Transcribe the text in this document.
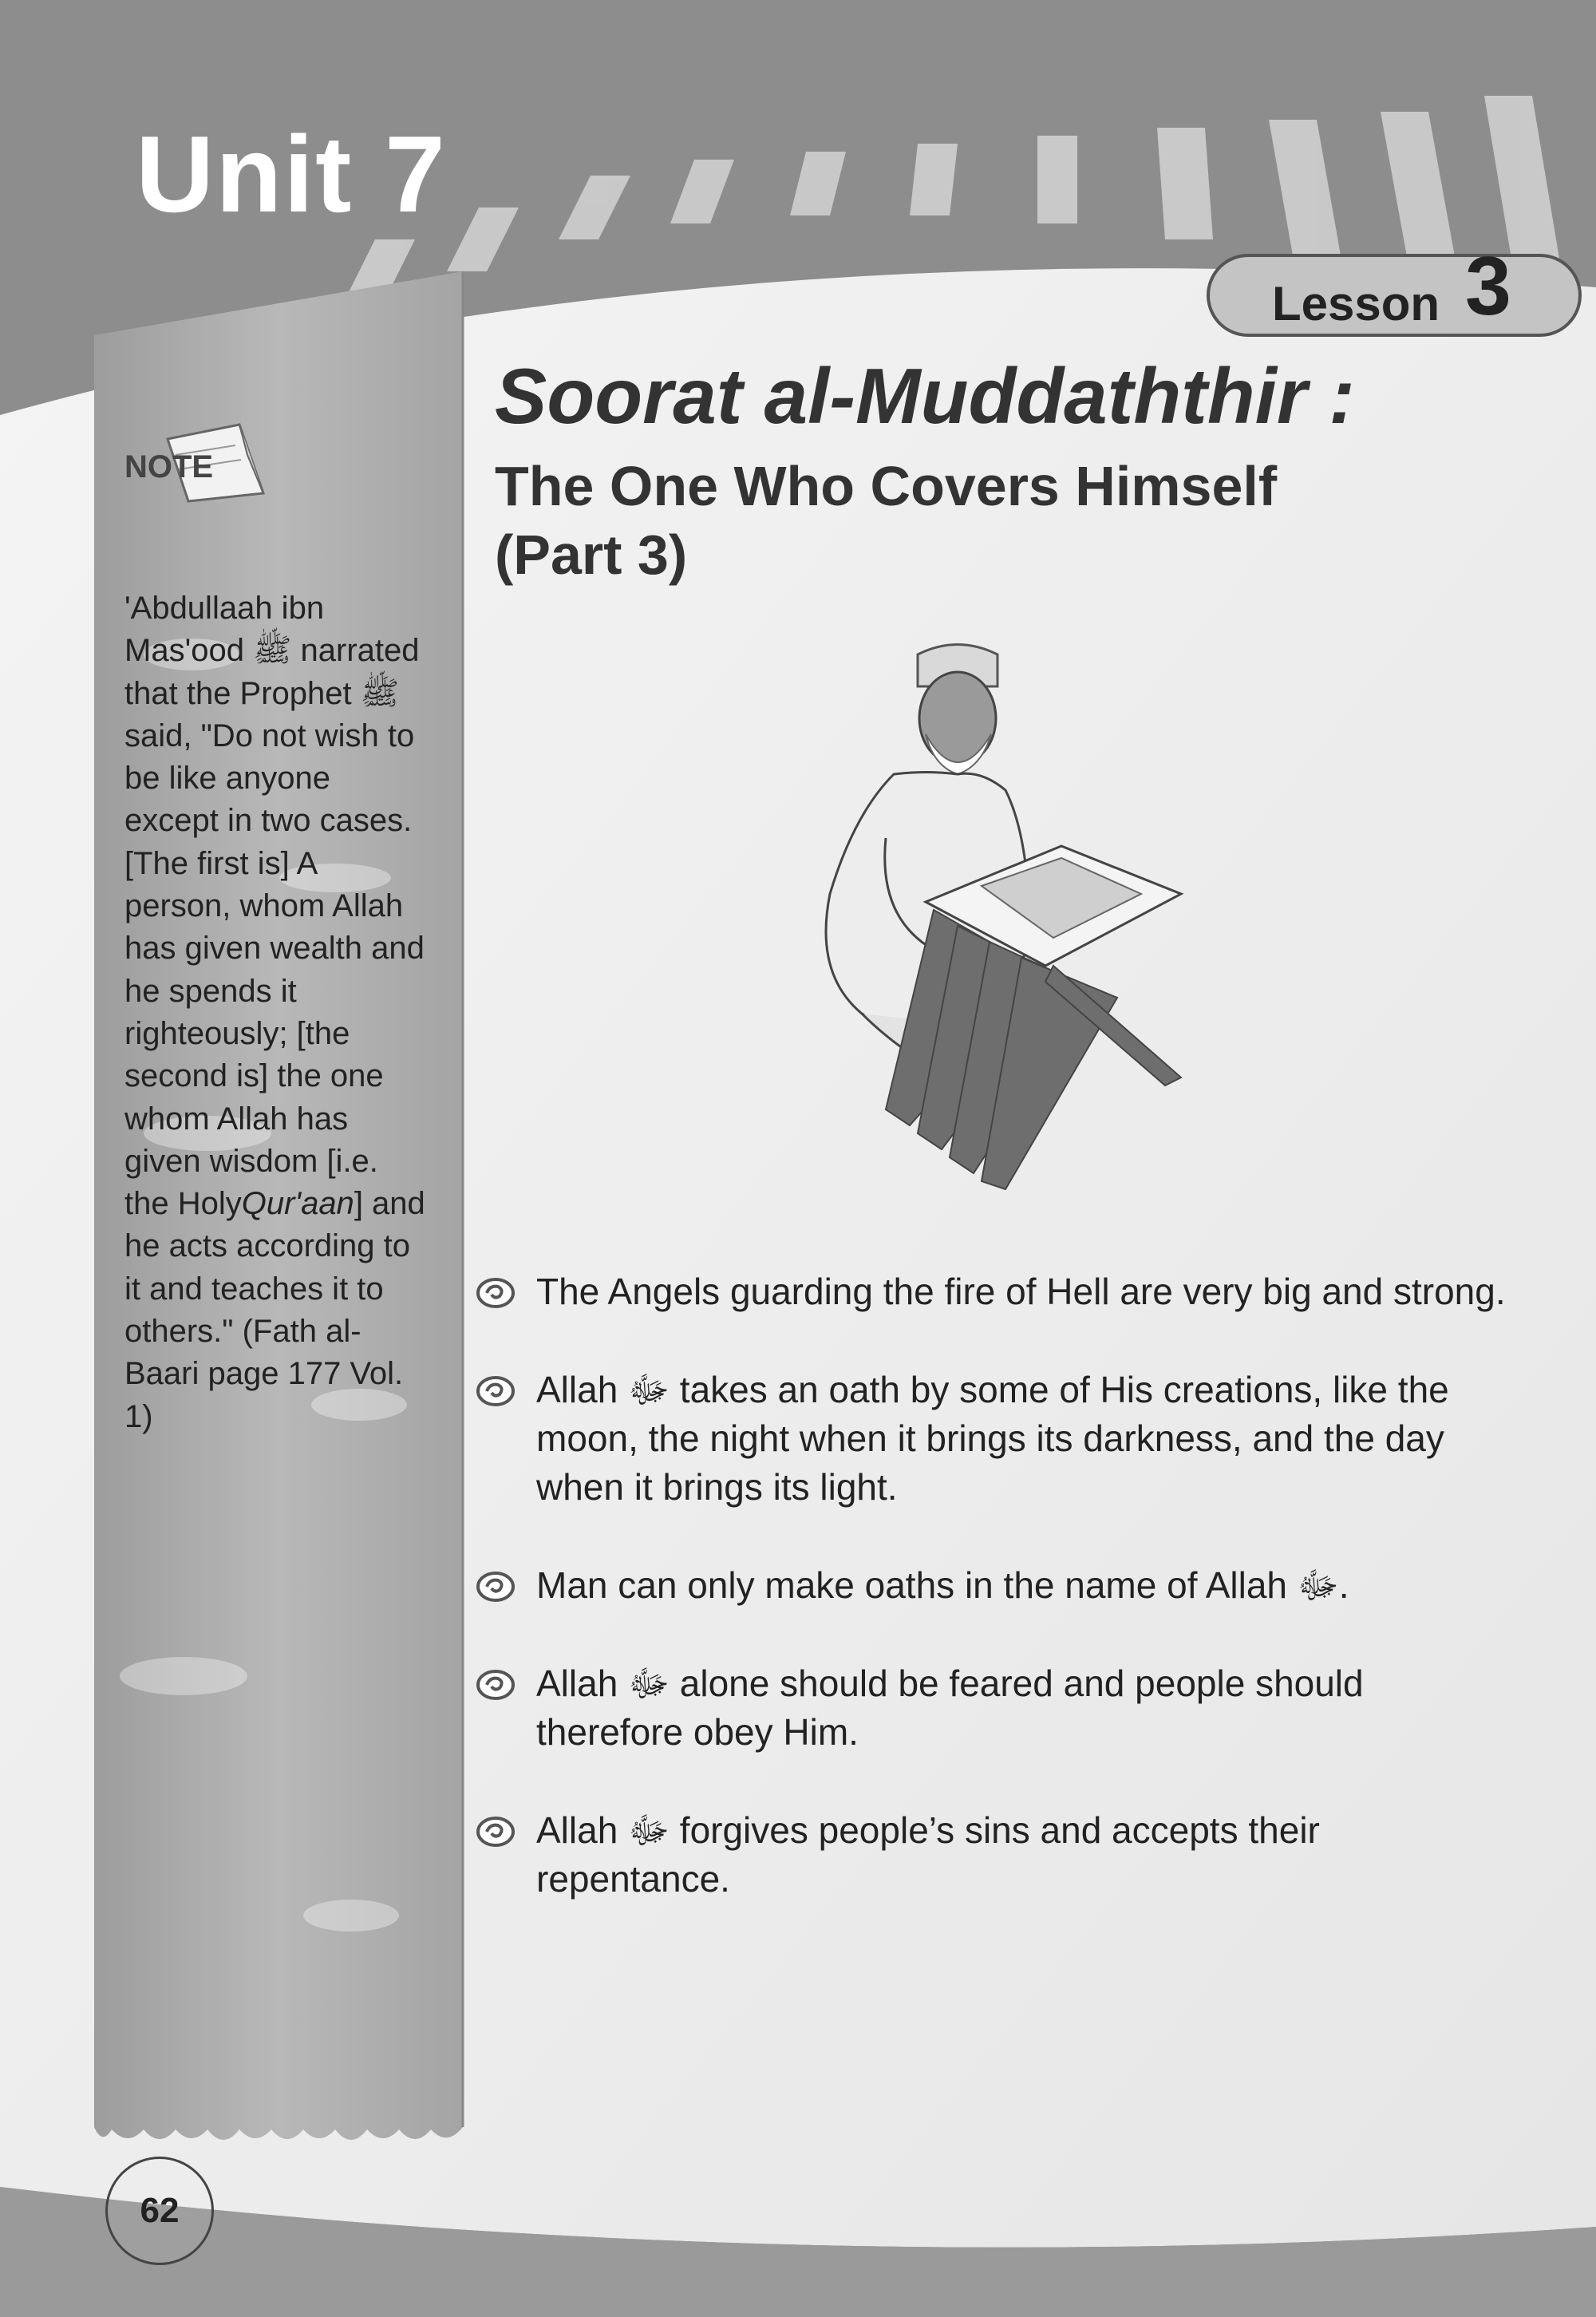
Unit 7
Lesson 3
Soorat al-Muddaththir :
The One Who Covers Himself
(Part 3)
NOTE
'Abdullaah ibn Mas'ood ﷺ narrated that the Prophet ﷺ said, "Do not wish to be like anyone except in two cases. [The first is] A person, whom Allah has given wealth and he spends it righteously; [the second is] the one whom Allah has given wisdom [i.e. the HolyQur'aan] and he acts according to it and teaches it to others." (Fath al-Baari page 177 Vol. 1)
The Angels guarding the fire of Hell are very big and strong.
Allah ﷻ takes an oath by some of His creations, like the moon, the night when it brings its darkness, and the day when it brings its light.
Man can only make oaths in the name of Allah ﷻ.
Allah ﷻ alone should be feared and people should therefore obey Him.
Allah ﷻ forgives people’s sins and accepts their repentance.
62
